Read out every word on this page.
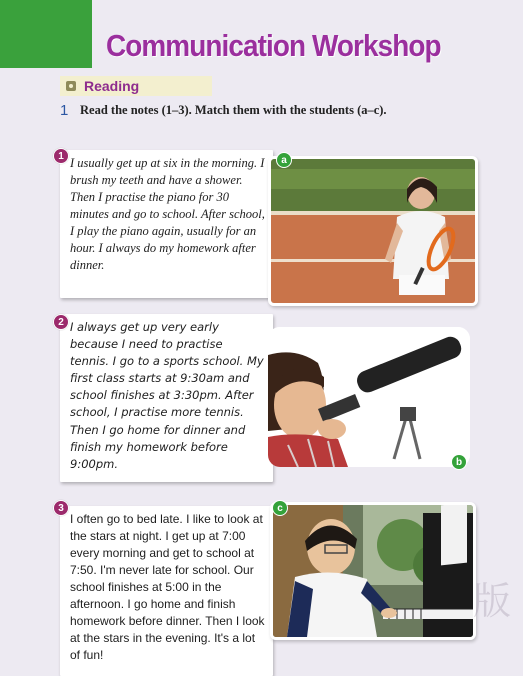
Communication Workshop
Reading
1 Read the notes (1–3). Match them with the students (a–c).

I usually get up at six in the morning. I brush my teeth and have a shower. Then I practise the piano for 30 minutes and go to school. After school, I play the piano again, usually for an hour. I always do my homework after dinner.

1	a

I always get up very early because I need to practise tennis. I go to a sports school. My first class starts at 9:30am and school finishes at 3:30pm. After school, I practise more tennis. Then I go home for dinner and finish my homework before 9:00pm.

2
b

I often go to bed late. I like to look at the stars at night. I get up at 7:00 every morning and get to school at 7:50. I'm never late for school. Our school finishes at 5:00 in the afternoon. I go home and finish homework before dinner. Then I look at the stars in the evening. It's a lot of fun!

3	c
版
